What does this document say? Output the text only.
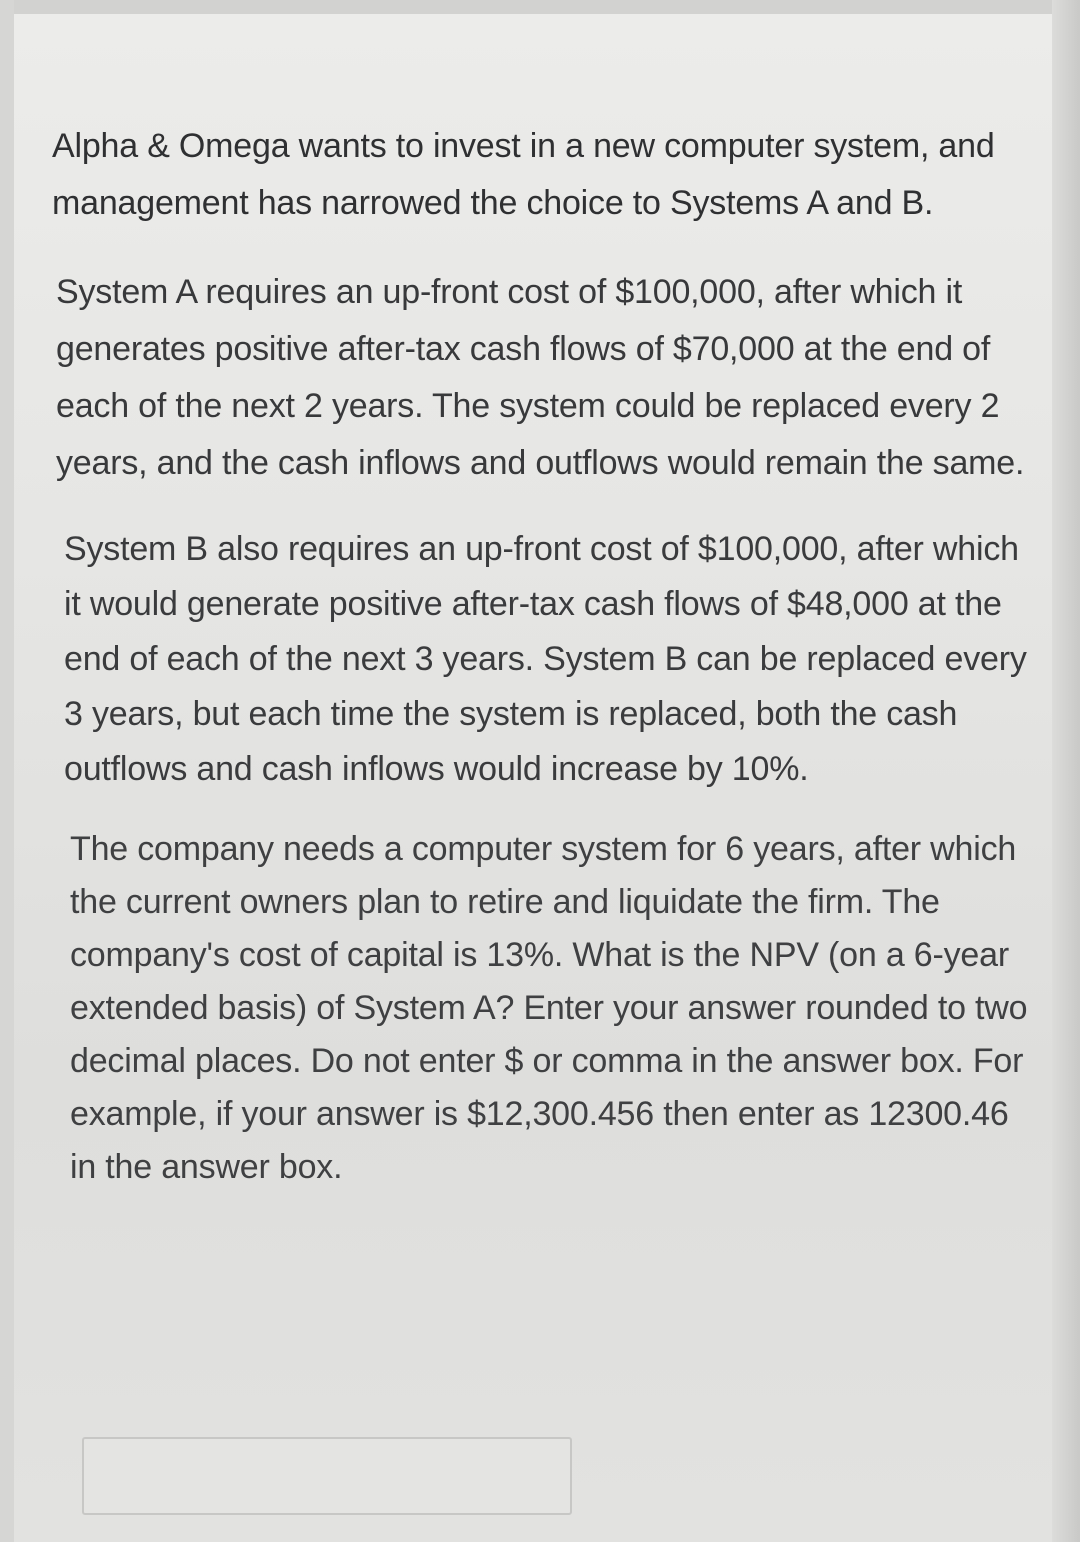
Alpha & Omega wants to invest in a new computer system, and management has narrowed the choice to Systems A and B.

System A requires an up-front cost of $100,000, after which it generates positive after-tax cash flows of $70,000 at the end of each of the next 2 years. The system could be replaced every 2 years, and the cash inflows and outflows would remain the same.

System B also requires an up-front cost of $100,000, after which it would generate positive after-tax cash flows of $48,000 at the end of each of the next 3 years. System B can be replaced every 3 years, but each time the system is replaced, both the cash outflows and cash inflows would increase by 10%.

The company needs a computer system for 6 years, after which the current owners plan to retire and liquidate the firm. The company's cost of capital is 13%. What is the NPV (on a 6-year extended basis) of System A? Enter your answer rounded to two decimal places. Do not enter $ or comma in the answer box. For example, if your answer is $12,300.456 then enter as 12300.46 in the answer box.
